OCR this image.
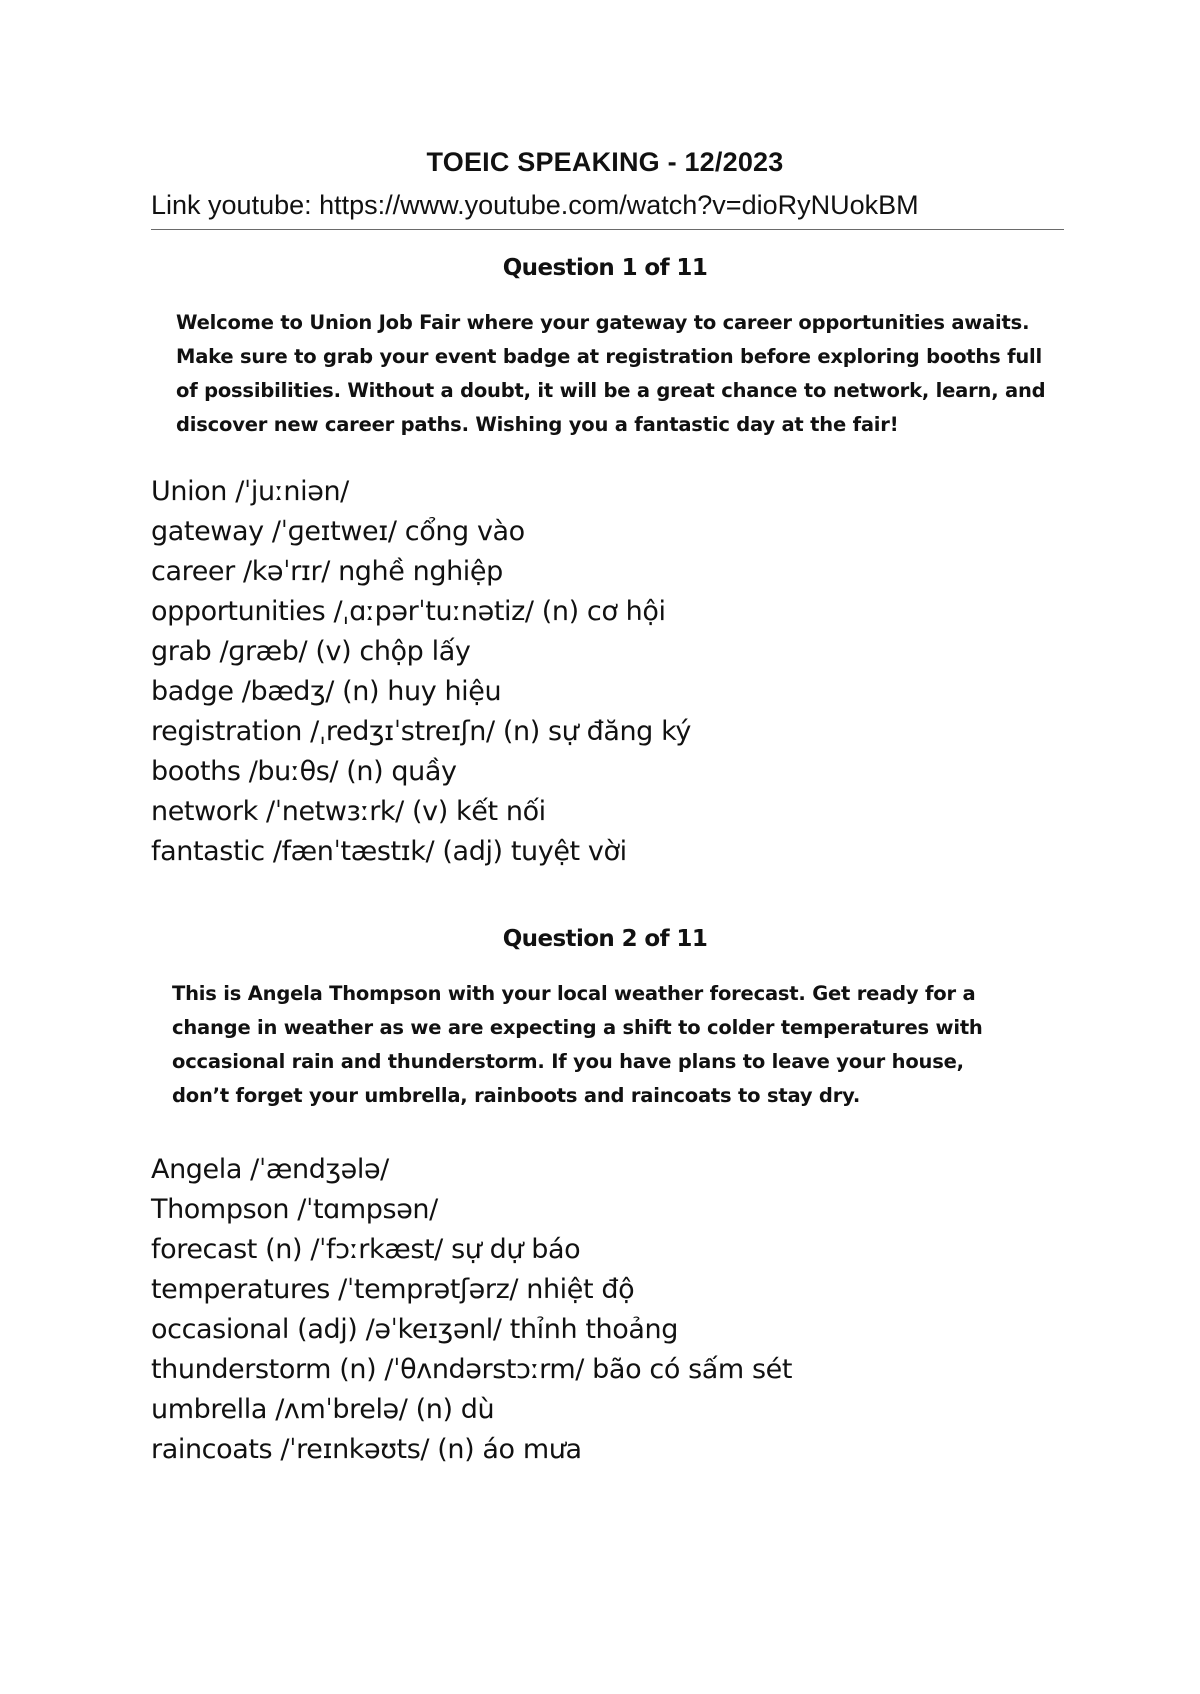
TOEIC SPEAKING - 12/2023
Link youtube: https://www.youtube.com/watch?v=dioRyNUokBM
Question 1 of 11
Welcome to Union Job Fair where your gateway to career opportunities awaits.
Make sure to grab your event badge at registration before exploring booths full
of possibilities. Without a doubt, it will be a great chance to network, learn, and
discover new career paths. Wishing you a fantastic day at the fair!
Union /ˈjuːniən/
gateway /ˈɡeɪtweɪ/ cổng vào
career /kəˈrɪr/ nghề nghiệp
opportunities /ˌɑːpərˈtuːnətiz/ (n) cơ hội
grab /ɡræb/ (v) chộp lấy
badge /bædʒ/ (n) huy hiệu
registration /ˌredʒɪˈstreɪʃn/ (n) sự đăng ký
booths /buːθs/ (n) quầy
network /ˈnetwɜːrk/ (v) kết nối
fantastic /fænˈtæstɪk/ (adj) tuyệt vời
Question 2 of 11
This is Angela Thompson with your local weather forecast. Get ready for a
change in weather as we are expecting a shift to colder temperatures with
occasional rain and thunderstorm. If you have plans to leave your house,
don’t forget your umbrella, rainboots and raincoats to stay dry.
Angela /ˈændʒələ/
Thompson /ˈtɑmpsən/
forecast (n) /ˈfɔːrkæst/ sự dự báo
temperatures /ˈtemprətʃərz/ nhiệt độ
occasional (adj) /əˈkeɪʒənl/ thỉnh thoảng
thunderstorm (n) /ˈθʌndərstɔːrm/ bão có sấm sét
umbrella /ʌmˈbrelə/ (n) dù
raincoats /ˈreɪnkəʊts/ (n) áo mưa
